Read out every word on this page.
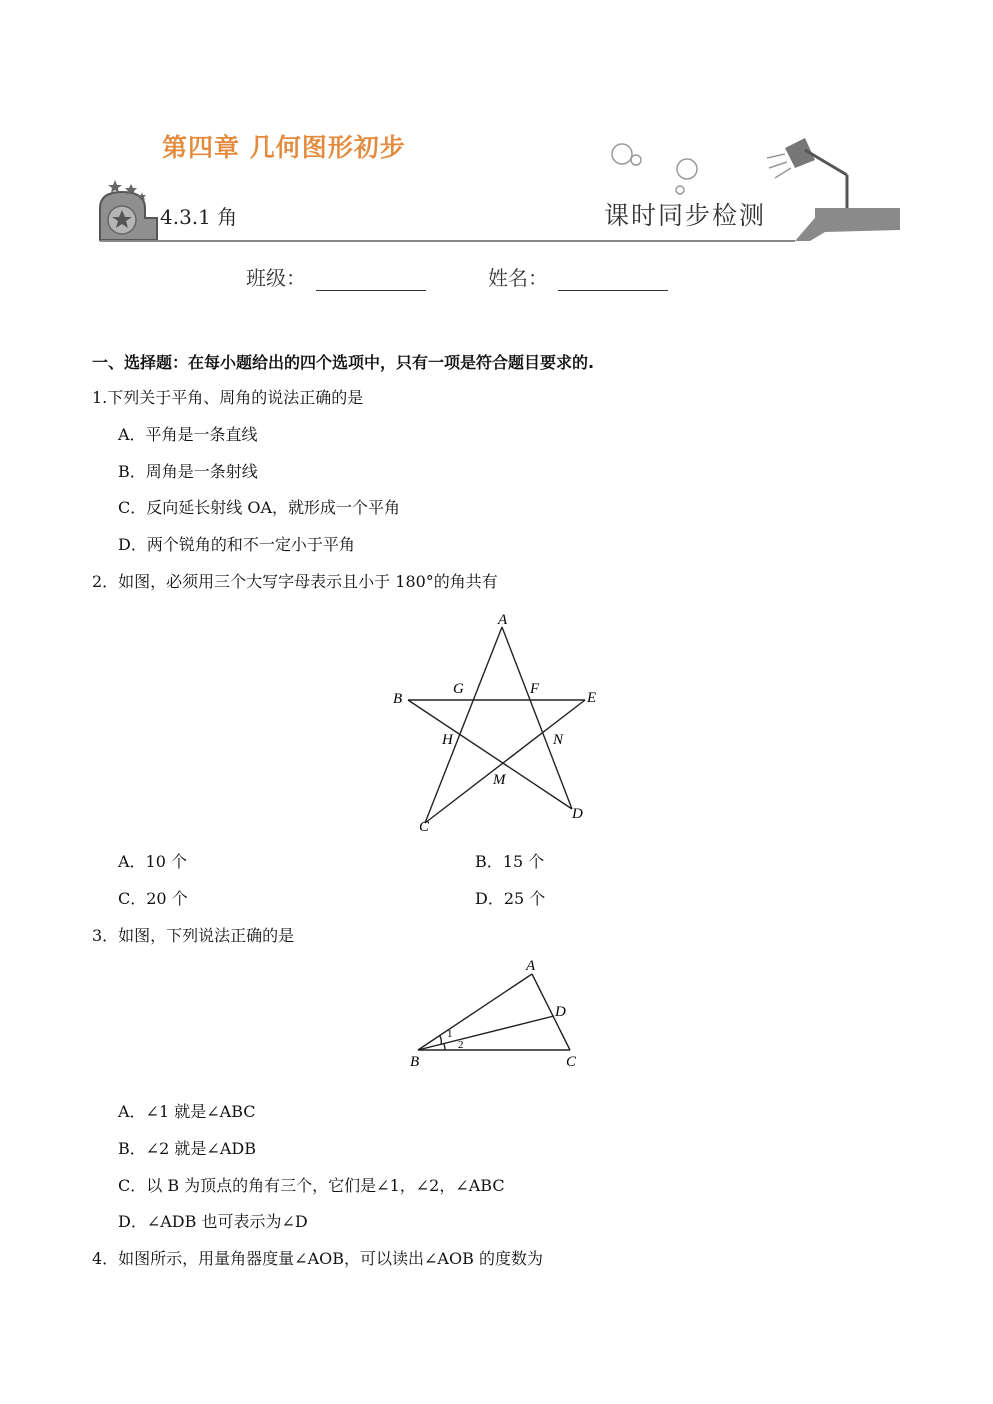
第四章 几何图形初步
4.3.1 角	课时同步检测
班级：	姓名：
一、选择题：在每小题给出的四个选项中，只有一项是符合题目要求的.
1.下列关于平角、周角的说法正确的是
A．平角是一条直线
B．周角是一条射线
C．反向延长射线 OA，就形成一个平角
D．两个锐角的和不一定小于平角
2．如图，必须用三个大写字母表示且小于 180°的角共有
A
B
C
D
E
F
G
H
M
N
A．10 个	B．15 个
C．20 个	D．25 个
3．如图，下列说法正确的是
A
B	C
D
1
2
A．∠1 就是∠ABC
B．∠2 就是∠ADB
C．以 B 为顶点的角有三个，它们是∠1，∠2，∠ABC
D．∠ADB 也可表示为∠D
4．如图所示，用量角器度量∠AOB，可以读出∠AOB 的度数为
